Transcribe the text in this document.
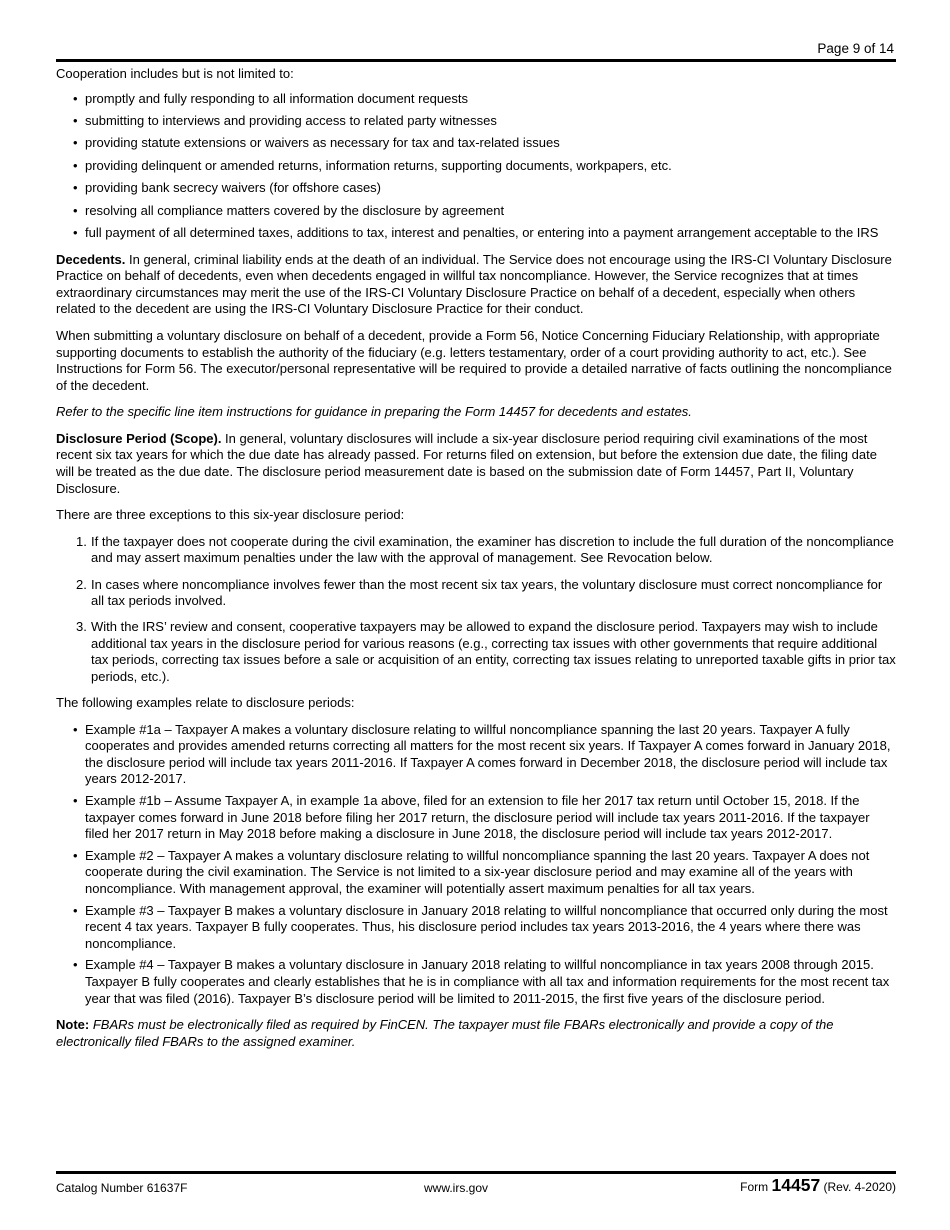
Page 9 of 14

Cooperation includes but is not limited to:

• promptly and fully responding to all information document requests
• submitting to interviews and providing access to related party witnesses
• providing statute extensions or waivers as necessary for tax and tax-related issues
• providing delinquent or amended returns, information returns, supporting documents, workpapers, etc.
• providing bank secrecy waivers (for offshore cases)
• resolving all compliance matters covered by the disclosure by agreement
• full payment of all determined taxes, additions to tax, interest and penalties, or entering into a payment arrangement acceptable to the IRS

Decedents. In general, criminal liability ends at the death of an individual. The Service does not encourage using the IRS-CI Voluntary Disclosure Practice on behalf of decedents, even when decedents engaged in willful tax noncompliance. However, the Service recognizes that at times extraordinary circumstances may merit the use of the IRS-CI Voluntary Disclosure Practice on behalf of a decedent, especially when others related to the decedent are using the IRS-CI Voluntary Disclosure Practice for their conduct.

When submitting a voluntary disclosure on behalf of a decedent, provide a Form 56, Notice Concerning Fiduciary Relationship, with appropriate supporting documents to establish the authority of the fiduciary (e.g. letters testamentary, order of a court providing authority to act, etc.). See Instructions for Form 56. The executor/personal representative will be required to provide a detailed narrative of facts outlining the noncompliance of the decedent.

Refer to the specific line item instructions for guidance in preparing the Form 14457 for decedents and estates.

Disclosure Period (Scope). In general, voluntary disclosures will include a six-year disclosure period requiring civil examinations of the most recent six tax years for which the due date has already passed. For returns filed on extension, but before the extension due date, the filing date will be treated as the due date. The disclosure period measurement date is based on the submission date of Form 14457, Part II, Voluntary Disclosure.

There are three exceptions to this six-year disclosure period:

1. If the taxpayer does not cooperate during the civil examination, the examiner has discretion to include the full duration of the noncompliance and may assert maximum penalties under the law with the approval of management. See Revocation below.
2. In cases where noncompliance involves fewer than the most recent six tax years, the voluntary disclosure must correct noncompliance for all tax periods involved.
3. With the IRS’ review and consent, cooperative taxpayers may be allowed to expand the disclosure period. Taxpayers may wish to include additional tax years in the disclosure period for various reasons (e.g., correcting tax issues with other governments that require additional tax periods, correcting tax issues before a sale or acquisition of an entity, correcting tax issues relating to unreported taxable gifts in prior tax periods, etc.).

The following examples relate to disclosure periods:

• Example #1a – Taxpayer A makes a voluntary disclosure relating to willful noncompliance spanning the last 20 years. Taxpayer A fully cooperates and provides amended returns correcting all matters for the most recent six years. If Taxpayer A comes forward in January 2018, the disclosure period will include tax years 2011-2016. If Taxpayer A comes forward in December 2018, the disclosure period will include tax years 2012-2017.
• Example #1b – Assume Taxpayer A, in example 1a above, filed for an extension to file her 2017 tax return until October 15, 2018. If the taxpayer comes forward in June 2018 before filing her 2017 return, the disclosure period will include tax years 2011-2016. If the taxpayer filed her 2017 return in May 2018 before making a disclosure in June 2018, the disclosure period will include tax years 2012-2017.
• Example #2 – Taxpayer A makes a voluntary disclosure relating to willful noncompliance spanning the last 20 years. Taxpayer A does not cooperate during the civil examination. The Service is not limited to a six-year disclosure period and may examine all of the years with noncompliance. With management approval, the examiner will potentially assert maximum penalties for all tax years.
• Example #3 – Taxpayer B makes a voluntary disclosure in January 2018 relating to willful noncompliance that occurred only during the most recent 4 tax years. Taxpayer B fully cooperates. Thus, his disclosure period includes tax years 2013-2016, the 4 years where there was noncompliance.
• Example #4 – Taxpayer B makes a voluntary disclosure in January 2018 relating to willful noncompliance in tax years 2008 through 2015. Taxpayer B fully cooperates and clearly establishes that he is in compliance with all tax and information requirements for the most recent tax year that was filed (2016). Taxpayer B’s disclosure period will be limited to 2011-2015, the first five years of the disclosure period.

Note: FBARs must be electronically filed as required by FinCEN. The taxpayer must file FBARs electronically and provide a copy of the electronically filed FBARs to the assigned examiner.

Catalog Number 61637F	www.irs.gov	Form 14457 (Rev. 4-2020)
